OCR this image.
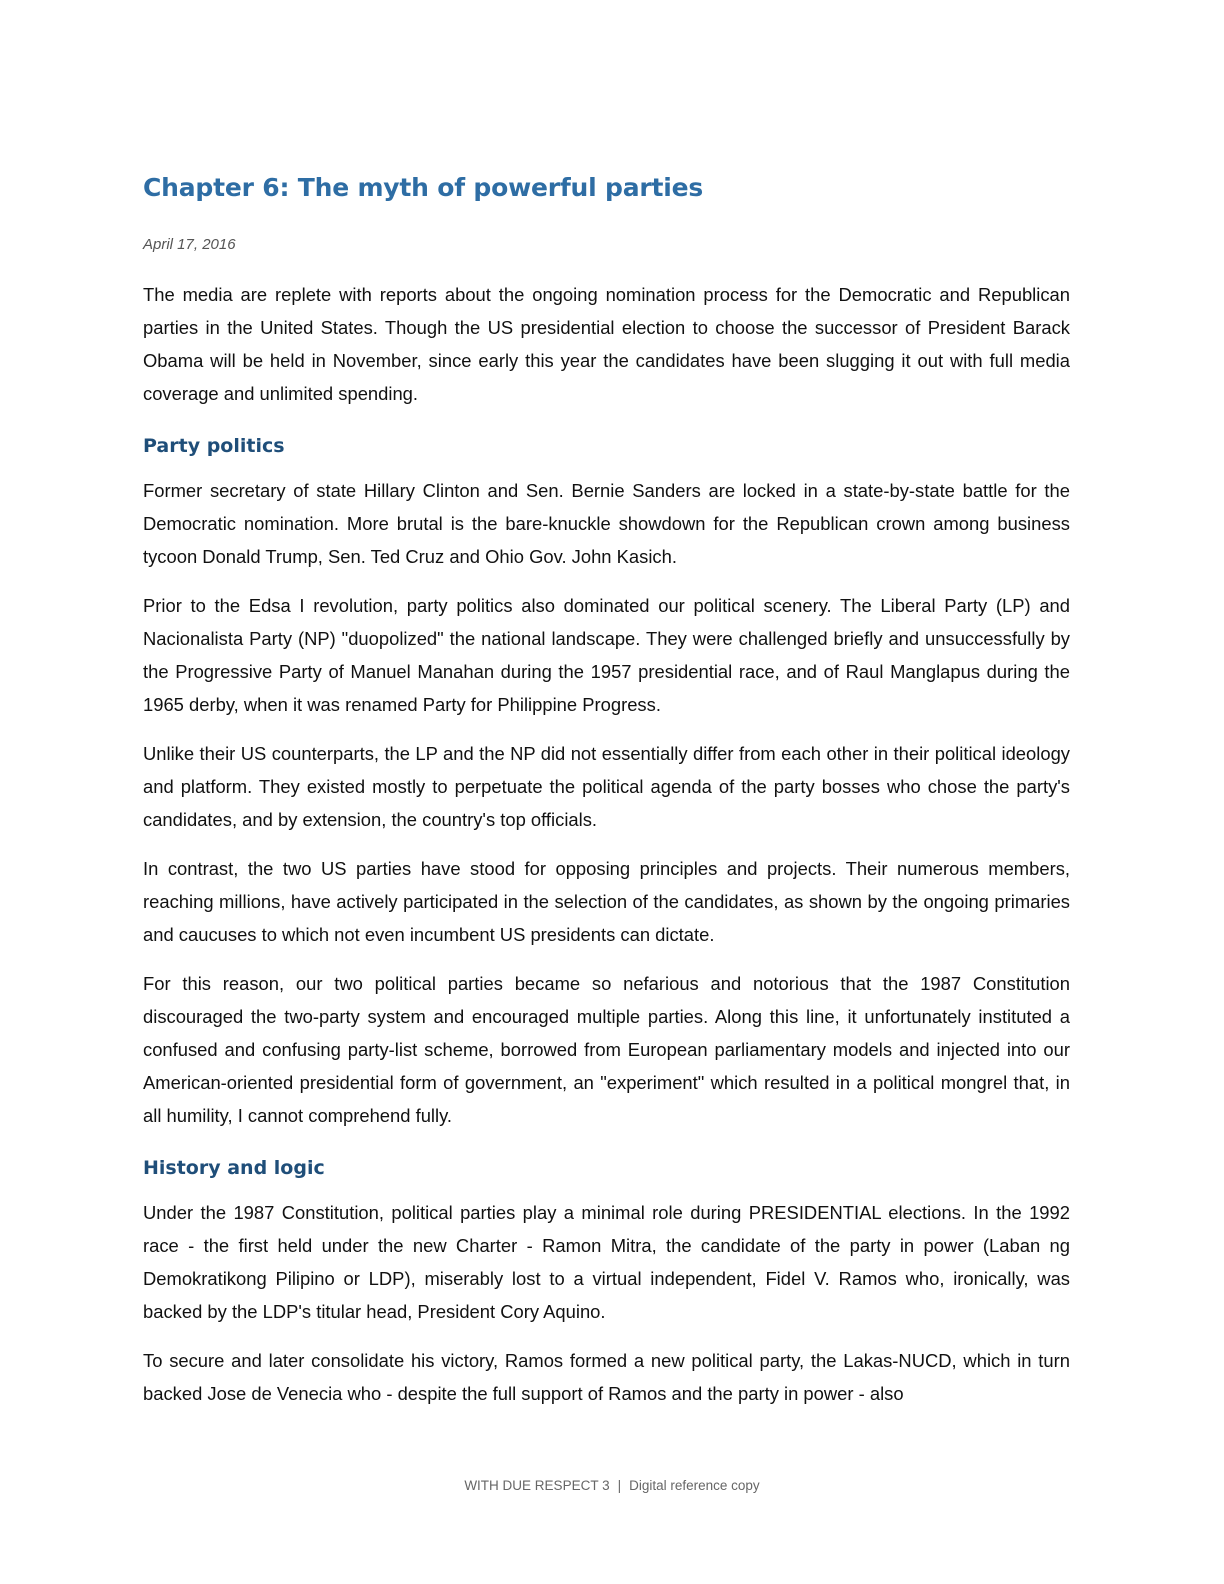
Chapter 6: The myth of powerful parties
April 17, 2016

The media are replete with reports about the ongoing nomination process for the Democratic and Republican parties in the United States. Though the US presidential election to choose the successor of President Barack Obama will be held in November, since early this year the candidates have been slugging it out with full media coverage and unlimited spending.

Party politics

Former secretary of state Hillary Clinton and Sen. Bernie Sanders are locked in a state-by-state battle for the Democratic nomination. More brutal is the bare-knuckle showdown for the Republican crown among business tycoon Donald Trump, Sen. Ted Cruz and Ohio Gov. John Kasich.

Prior to the Edsa I revolution, party politics also dominated our political scenery. The Liberal Party (LP) and Nacionalista Party (NP) "duopolized" the national landscape. They were challenged briefly and unsuccessfully by the Progressive Party of Manuel Manahan during the 1957 presidential race, and of Raul Manglapus during the 1965 derby, when it was renamed Party for Philippine Progress.

Unlike their US counterparts, the LP and the NP did not essentially differ from each other in their political ideology and platform. They existed mostly to perpetuate the political agenda of the party bosses who chose the party's candidates, and by extension, the country's top officials.

In contrast, the two US parties have stood for opposing principles and projects. Their numerous members, reaching millions, have actively participated in the selection of the candidates, as shown by the ongoing primaries and caucuses to which not even incumbent US presidents can dictate.

For this reason, our two political parties became so nefarious and notorious that the 1987 Constitution discouraged the two-party system and encouraged multiple parties. Along this line, it unfortunately instituted a confused and confusing party-list scheme, borrowed from European parliamentary models and injected into our American-oriented presidential form of government, an "experiment" which resulted in a political mongrel that, in all humility, I cannot comprehend fully.

History and logic

Under the 1987 Constitution, political parties play a minimal role during PRESIDENTIAL elections. In the 1992 race - the first held under the new Charter - Ramon Mitra, the candidate of the party in power (Laban ng Demokratikong Pilipino or LDP), miserably lost to a virtual independent, Fidel V. Ramos who, ironically, was backed by the LDP's titular head, President Cory Aquino.

To secure and later consolidate his victory, Ramos formed a new political party, the Lakas-NUCD, which in turn backed Jose de Venecia who - despite the full support of Ramos and the party in power - also

WITH DUE RESPECT 3 | Digital reference copy
